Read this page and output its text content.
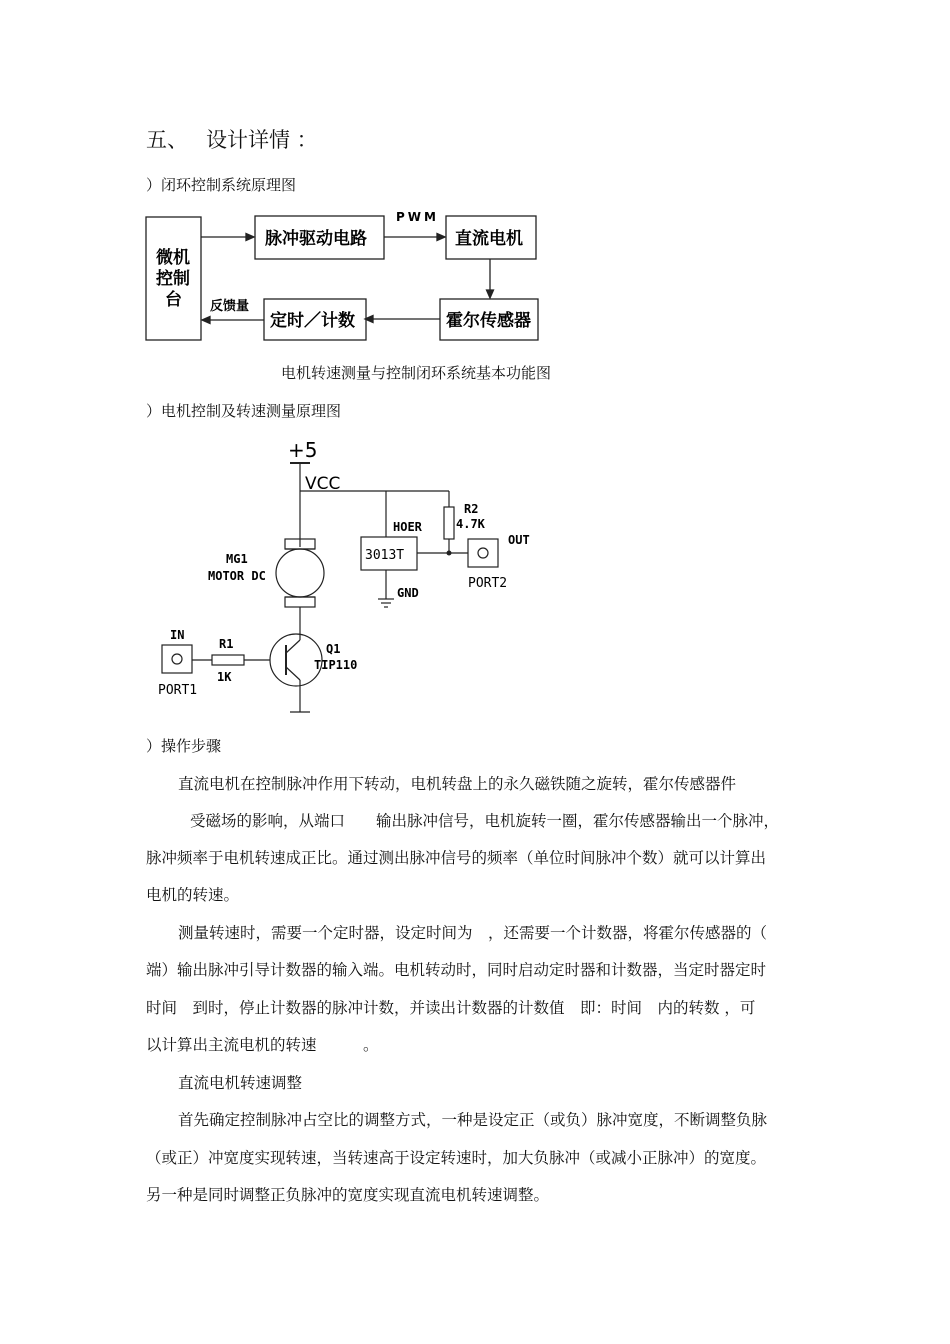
五、 设计详情 ：
）闭环控制系统原理图
微机
控制
台
脉冲驱动电路	直流电机
霍尔传感器
定时／计数
PWM
反馈量
电机转速测量与控制闭环系统基本功能图
）电机控制及转速测量原理图
+5
VCC
MG1
MOTOR DC
HOER
3013T
GND
R2
4.7K
OUT
PORT2
IN
R1
1K
PORT1
Q1
TIP110
）操作步骤
直流电机在控制脉冲作用下转动，电机转盘上的永久磁铁随之旋转，霍尔传感器件
受磁场的影响，从端口　　输出脉冲信号，电机旋转一圈，霍尔传感器输出一个脉冲，
脉冲频率于电机转速成正比。通过测出脉冲信号的频率（单位时间脉冲个数）就可以计算出
电机的转速。
测量转速时，需要一个定时器，设定时间为　，还需要一个计数器，将霍尔传感器的（
端）输出脉冲引导计数器的输入端。电机转动时，同时启动定时器和计数器，当定时器定时
时间　到时，停止计数器的脉冲计数，并读出计数器的计数值　即：时间　内的转数 ，可
以计算出主流电机的转速　　　。
直流电机转速调整
首先确定控制脉冲占空比的调整方式，一种是设定正（或负）脉冲宽度，不断调整负脉
（或正）冲宽度实现转速，当转速高于设定转速时，加大负脉冲（或减小正脉冲）的宽度。
另一种是同时调整正负脉冲的宽度实现直流电机转速调整。
